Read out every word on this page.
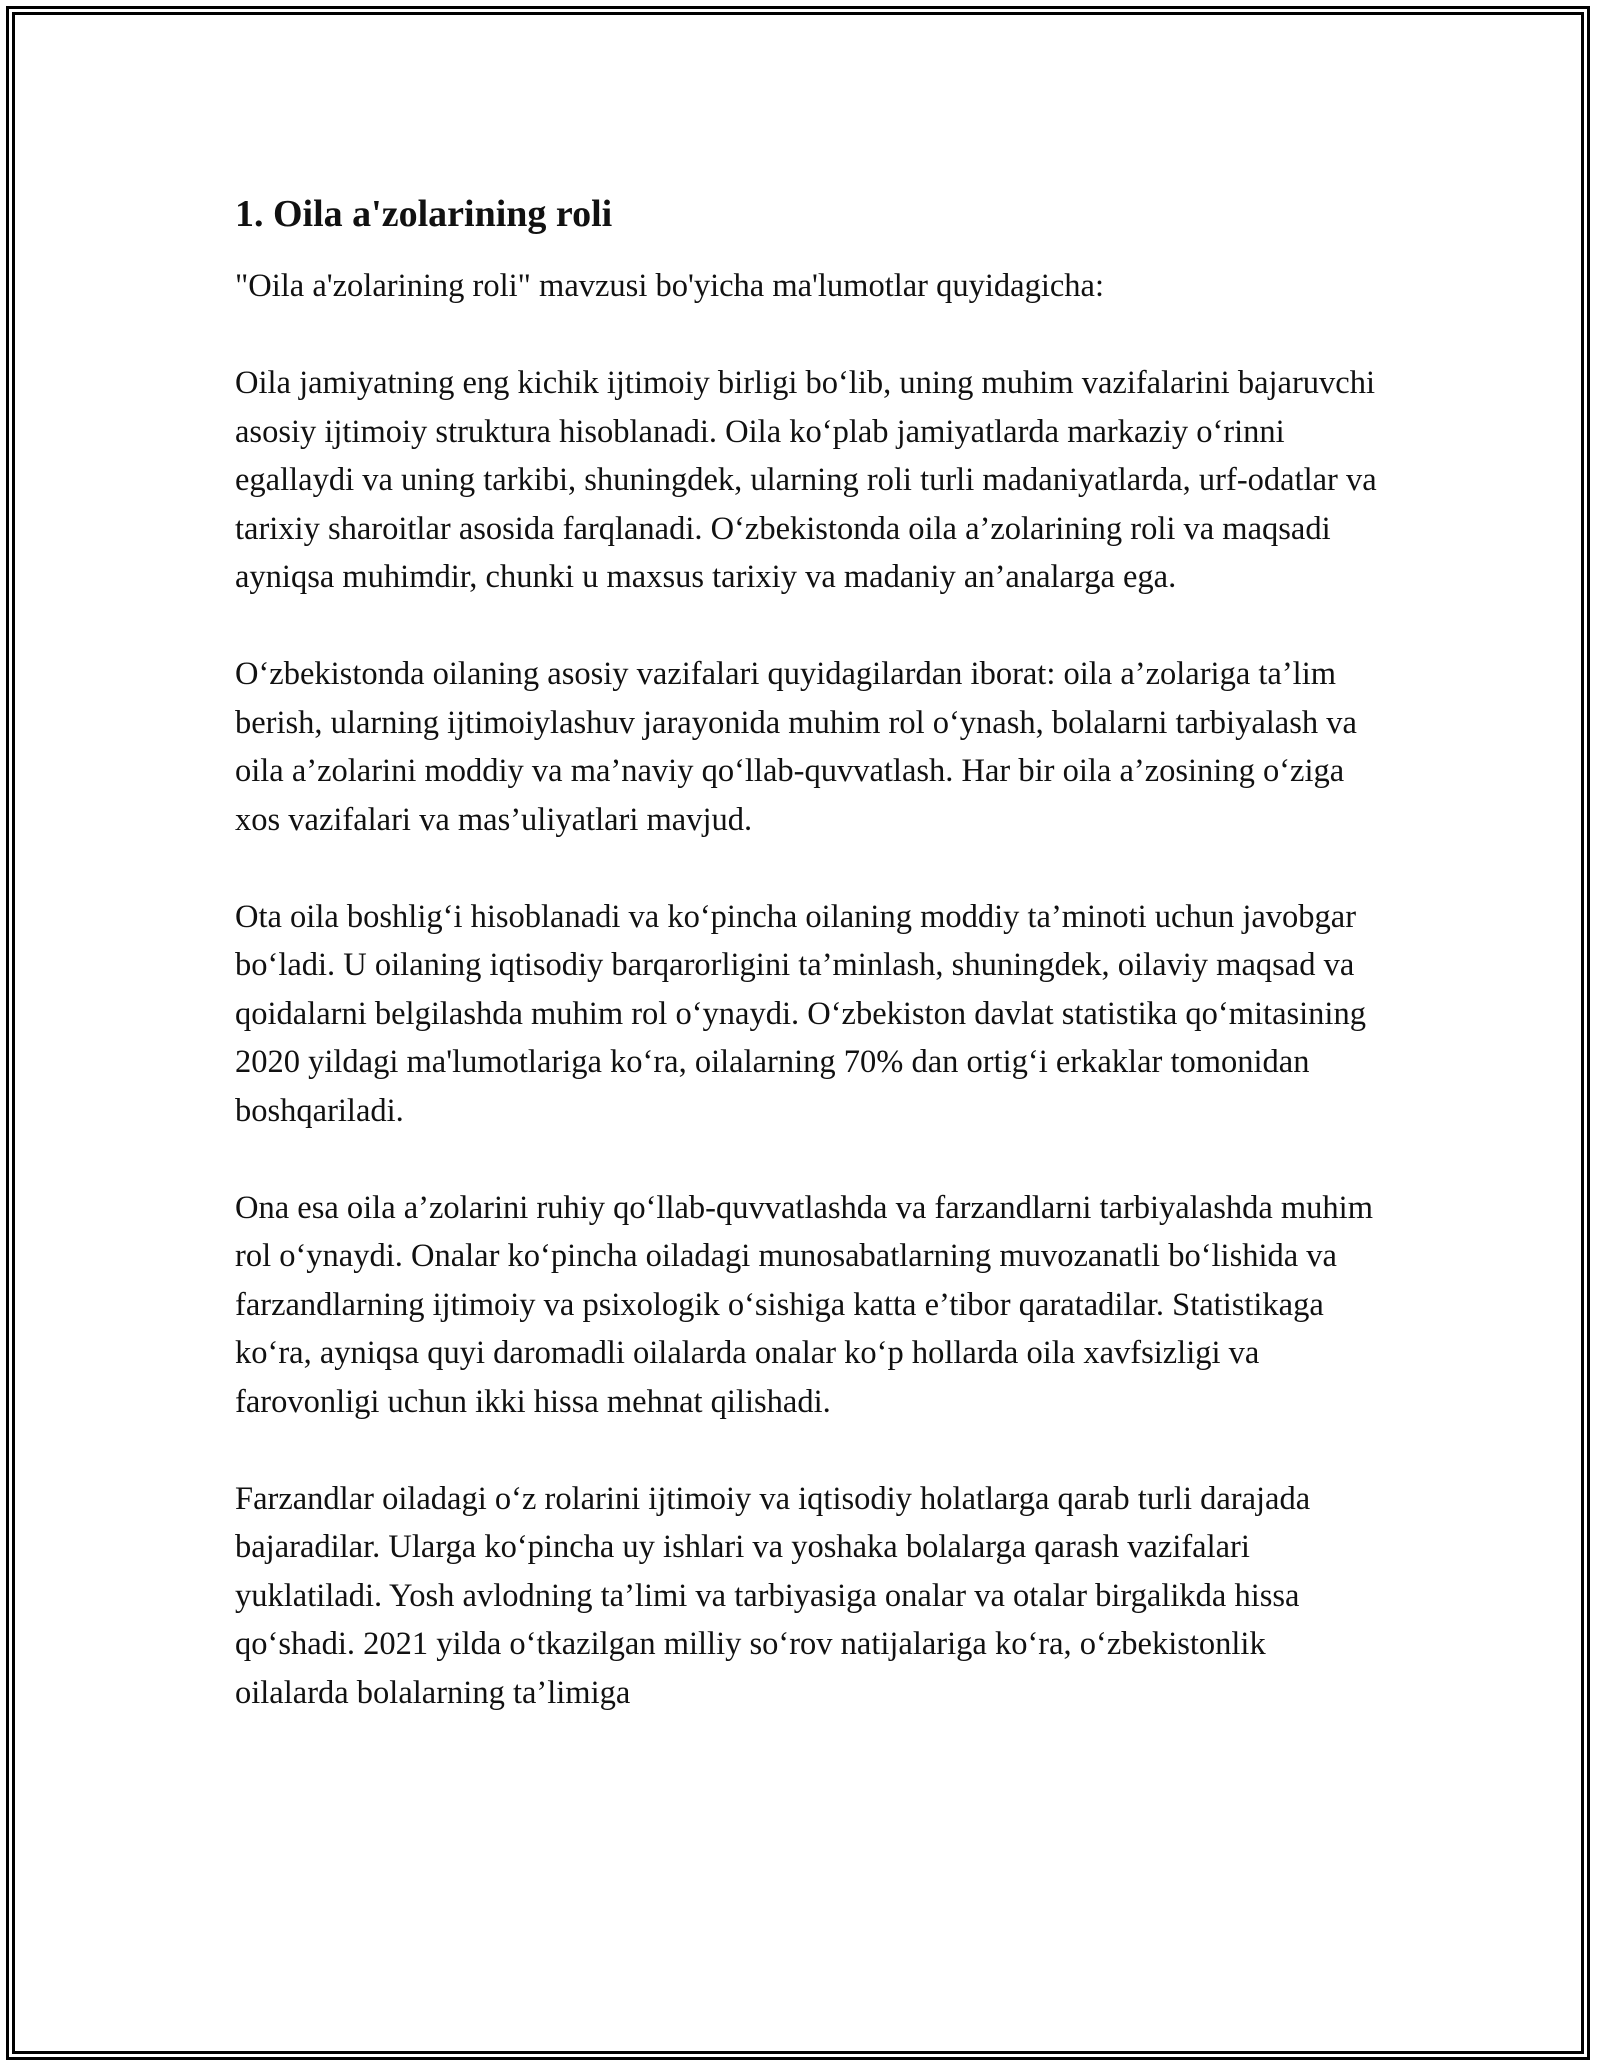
1. Oila a'zolarining roli

"Oila a'zolarining roli" mavzusi bo'yicha ma'lumotlar quyidagicha:

Oila jamiyatning eng kichik ijtimoiy birligi bo‘lib, uning muhim vazifalarini bajaruvchi asosiy ijtimoiy struktura hisoblanadi. Oila ko‘plab jamiyatlarda markaziy o‘rinni egallaydi va uning tarkibi, shuningdek, ularning roli turli madaniyatlarda, urf-odatlar va tarixiy sharoitlar asosida farqlanadi. O‘zbekistonda oila a’zolarining roli va maqsadi ayniqsa muhimdir, chunki u maxsus tarixiy va madaniy an’analarga ega.

O‘zbekistonda oilaning asosiy vazifalari quyidagilardan iborat: oila a’zolariga ta’lim berish, ularning ijtimoiylashuv jarayonida muhim rol o‘ynash, bolalarni tarbiyalash va oila a’zolarini moddiy va ma’naviy qo‘llab-quvvatlash. Har bir oila a’zosining o‘ziga xos vazifalari va mas’uliyatlari mavjud.

Ota oila boshlig‘i hisoblanadi va ko‘pincha oilaning moddiy ta’minoti uchun javobgar bo‘ladi. U oilaning iqtisodiy barqarorligini ta’minlash, shuningdek, oilaviy maqsad va qoidalarni belgilashda muhim rol o‘ynaydi. O‘zbekiston davlat statistika qo‘mitasining 2020 yildagi ma'lumotlariga ko‘ra, oilalarning 70% dan ortig‘i erkaklar tomonidan boshqariladi.

Ona esa oila a’zolarini ruhiy qo‘llab-quvvatlashda va farzandlarni tarbiyalashda muhim rol o‘ynaydi. Onalar ko‘pincha oiladagi munosabatlarning muvozanatli bo‘lishida va farzandlarning ijtimoiy va psixologik o‘sishiga katta e’tibor qaratadilar. Statistikaga ko‘ra, ayniqsa quyi daromadli oilalarda onalar ko‘p hollarda oila xavfsizligi va farovonligi uchun ikki hissa mehnat qilishadi.

Farzandlar oiladagi o‘z rolarini ijtimoiy va iqtisodiy holatlarga qarab turli darajada bajaradilar. Ularga ko‘pincha uy ishlari va yoshaka bolalarga qarash vazifalari yuklatiladi. Yosh avlodning ta’limi va tarbiyasiga onalar va otalar birgalikda hissa qo‘shadi. 2021 yilda o‘tkazilgan milliy so‘rov natijalariga ko‘ra, o‘zbekistonlik oilalarda bolalarning ta’limiga
